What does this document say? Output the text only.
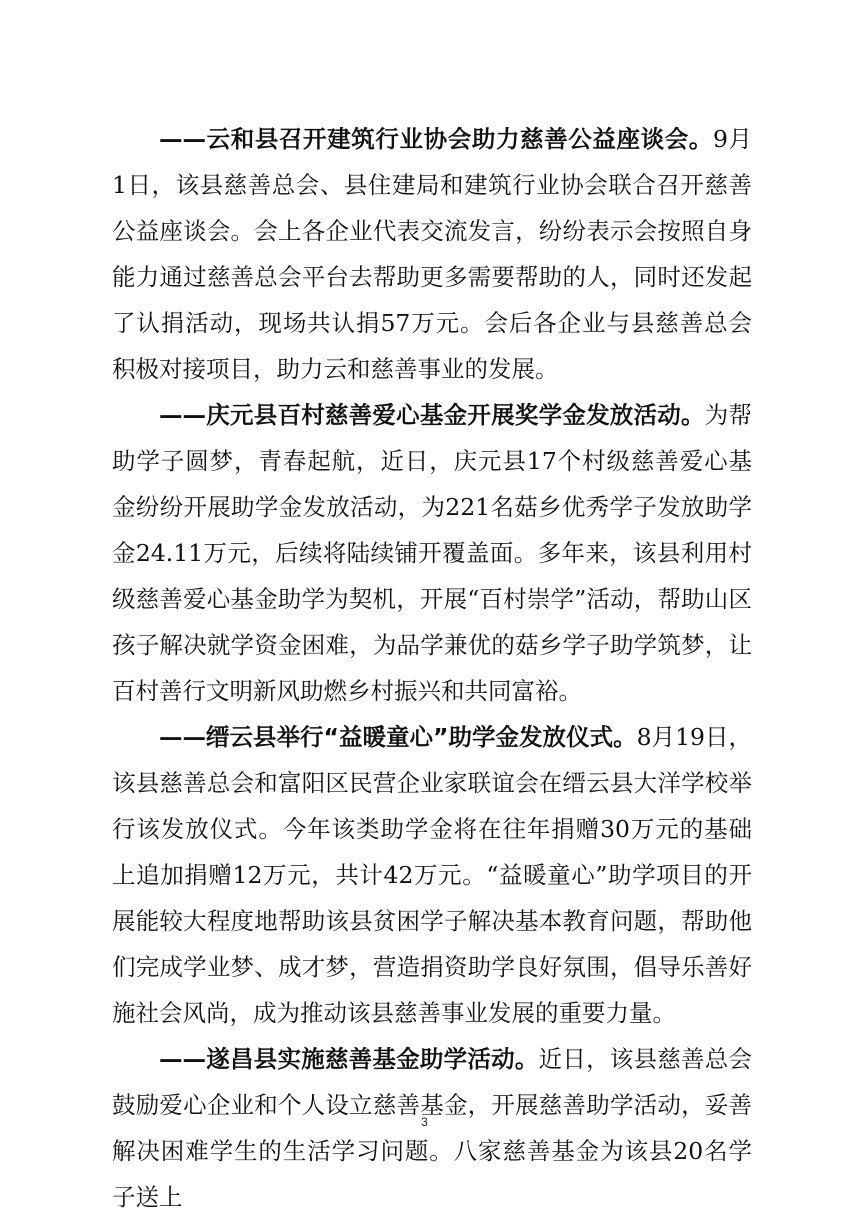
——云和县召开建筑行业协会助力慈善公益座谈会。9月1日，该县慈善总会、县住建局和建筑行业协会联合召开慈善公益座谈会。会上各企业代表交流发言，纷纷表示会按照自身能力通过慈善总会平台去帮助更多需要帮助的人，同时还发起了认捐活动，现场共认捐57万元。会后各企业与县慈善总会积极对接项目，助力云和慈善事业的发展。

——庆元县百村慈善爱心基金开展奖学金发放活动。为帮助学子圆梦，青春起航，近日，庆元县17个村级慈善爱心基金纷纷开展助学金发放活动，为221名菇乡优秀学子发放助学金24.11万元，后续将陆续铺开覆盖面。多年来，该县利用村级慈善爱心基金助学为契机，开展“百村崇学”活动，帮助山区孩子解决就学资金困难，为品学兼优的菇乡学子助学筑梦，让百村善行文明新风助燃乡村振兴和共同富裕。

——缙云县举行“益暖童心”助学金发放仪式。8月19日，该县慈善总会和富阳区民营企业家联谊会在缙云县大洋学校举行该发放仪式。今年该类助学金将在往年捐赠30万元的基础上追加捐赠12万元，共计42万元。“益暖童心”助学项目的开展能较大程度地帮助该县贫困学子解决基本教育问题，帮助他们完成学业梦、成才梦，营造捐资助学良好氛围，倡导乐善好施社会风尚，成为推动该县慈善事业发展的重要力量。

——遂昌县实施慈善基金助学活动。近日，该县慈善总会鼓励爱心企业和个人设立慈善基金，开展慈善助学活动，妥善解决困难学生的生活学习问题。八家慈善基金为该县20名学子送上

3
